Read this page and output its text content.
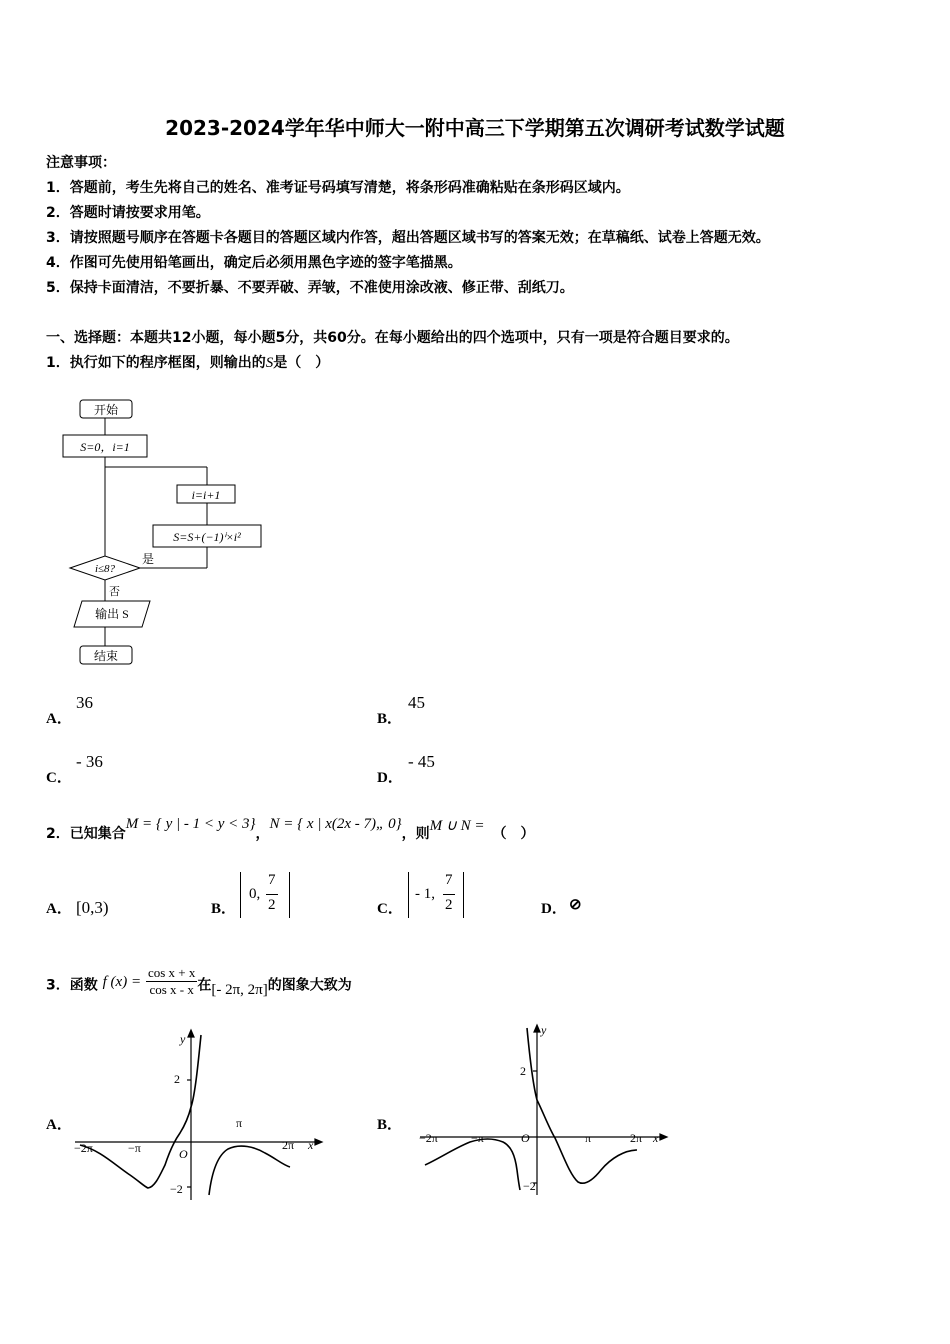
2023-2024学年华中师大一附中高三下学期第五次调研考试数学试题
注意事项：
1．答题前，考生先将自己的姓名、准考证号码填写清楚，将条形码准确粘贴在条形码区域内。
2．答题时请按要求用笔。
3．请按照题号顺序在答题卡各题目的答题区域内作答，超出答题区域书写的答案无效；在草稿纸、试卷上答题无效。
4．作图可先使用铅笔画出，确定后必须用黑色字迹的签字笔描黑。
5．保持卡面清洁，不要折暴、不要弄破、弄皱，不准使用涂改液、修正带、刮纸刀。
一、选择题：本题共12小题，每小题5分，共60分。在每小题给出的四个选项中，只有一项是符合题目要求的。
1．执行如下的程序框图，则输出的S是（　）
开始
S=0，i=1
i=i+1
S=S+(−1)ⁱ×i²
i≤8?
是
否
输出 S
结束
A．
36
B．
45
C．
- 36
D．
- 45
2．已知集合M = { y | - 1 < y < 3}，N = { x | x(2x - 7)„ 0}，则M ∪ N = （　）
A． [0,3)	B．
0,
7
2	C．
- 1,
7
2	D． ⊘
3．函数 f $(x) = \frac{\text{cos x + x}}{\text{cos x - x}}$ 在[- 2π, 2π]的图象大致为
A．	B．
y
2
−2
O
−2π	−π
π
2π x
y
2
−2
O
−2π	−π	π	2π x
